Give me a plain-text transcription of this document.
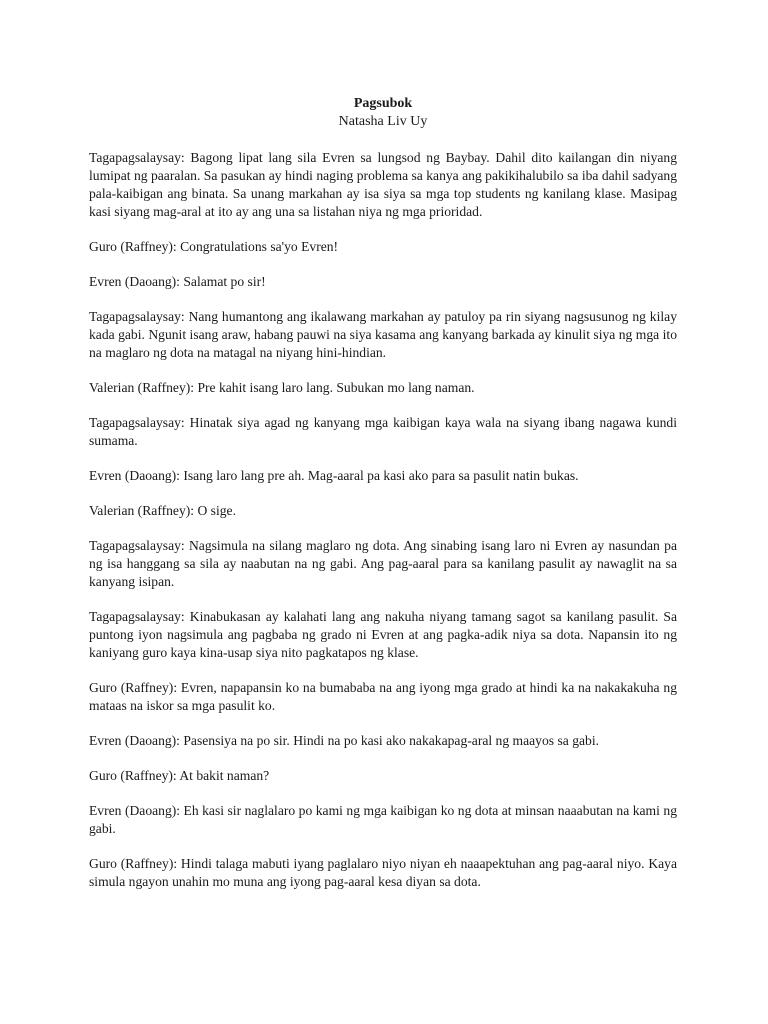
Pagsubok

Natasha Liv Uy

Tagapagsalaysay: Bagong lipat lang sila Evren sa lungsod ng Baybay. Dahil dito kailangan din niyang lumipat ng paaralan. Sa pasukan ay hindi naging problema sa kanya ang pakikihalubilo sa iba dahil sadyang pala-kaibigan ang binata. Sa unang markahan ay isa siya sa mga top students ng kanilang klase. Masipag kasi siyang mag-aral at ito ay ang una sa listahan niya ng mga prioridad.

Guro (Raffney): Congratulations sa'yo Evren!

Evren (Daoang): Salamat po sir!

Tagapagsalaysay: Nang humantong ang ikalawang markahan ay patuloy pa rin siyang nagsusunog ng kilay kada gabi. Ngunit isang araw, habang pauwi na siya kasama ang kanyang barkada ay kinulit siya ng mga ito na maglaro ng dota na matagal na niyang hini-hindian.

Valerian (Raffney): Pre kahit isang laro lang. Subukan mo lang naman.

Tagapagsalaysay: Hinatak siya agad ng kanyang mga kaibigan kaya wala na siyang ibang nagawa kundi sumama.

Evren (Daoang): Isang laro lang pre ah. Mag-aaral pa kasi ako para sa pasulit natin bukas.

Valerian (Raffney): O sige.

Tagapagsalaysay: Nagsimula na silang maglaro ng dota. Ang sinabing isang laro ni Evren ay nasundan pa ng isa hanggang sa sila ay naabutan na ng gabi. Ang pag-aaral para sa kanilang pasulit ay nawaglit na sa kanyang isipan.

Tagapagsalaysay: Kinabukasan ay kalahati lang ang nakuha niyang tamang sagot sa kanilang pasulit. Sa puntong iyon nagsimula ang pagbaba ng grado ni Evren at ang pagka-adik niya sa dota. Napansin ito ng kaniyang guro kaya kina-usap siya nito pagkatapos ng klase.

Guro (Raffney): Evren, napapansin ko na bumababa na ang iyong mga grado at hindi ka na nakakakuha ng mataas na iskor sa mga pasulit ko.

Evren (Daoang): Pasensiya na po sir. Hindi na po kasi ako nakakapag-aral ng maayos sa gabi.

Guro (Raffney): At bakit naman?

Evren (Daoang): Eh kasi sir naglalaro po kami ng mga kaibigan ko ng dota at minsan naaabutan na kami ng gabi.

Guro (Raffney): Hindi talaga mabuti iyang paglalaro niyo niyan eh naaapektuhan ang pag-aaral niyo. Kaya simula ngayon unahin mo muna ang iyong pag-aaral kesa diyan sa dota.
